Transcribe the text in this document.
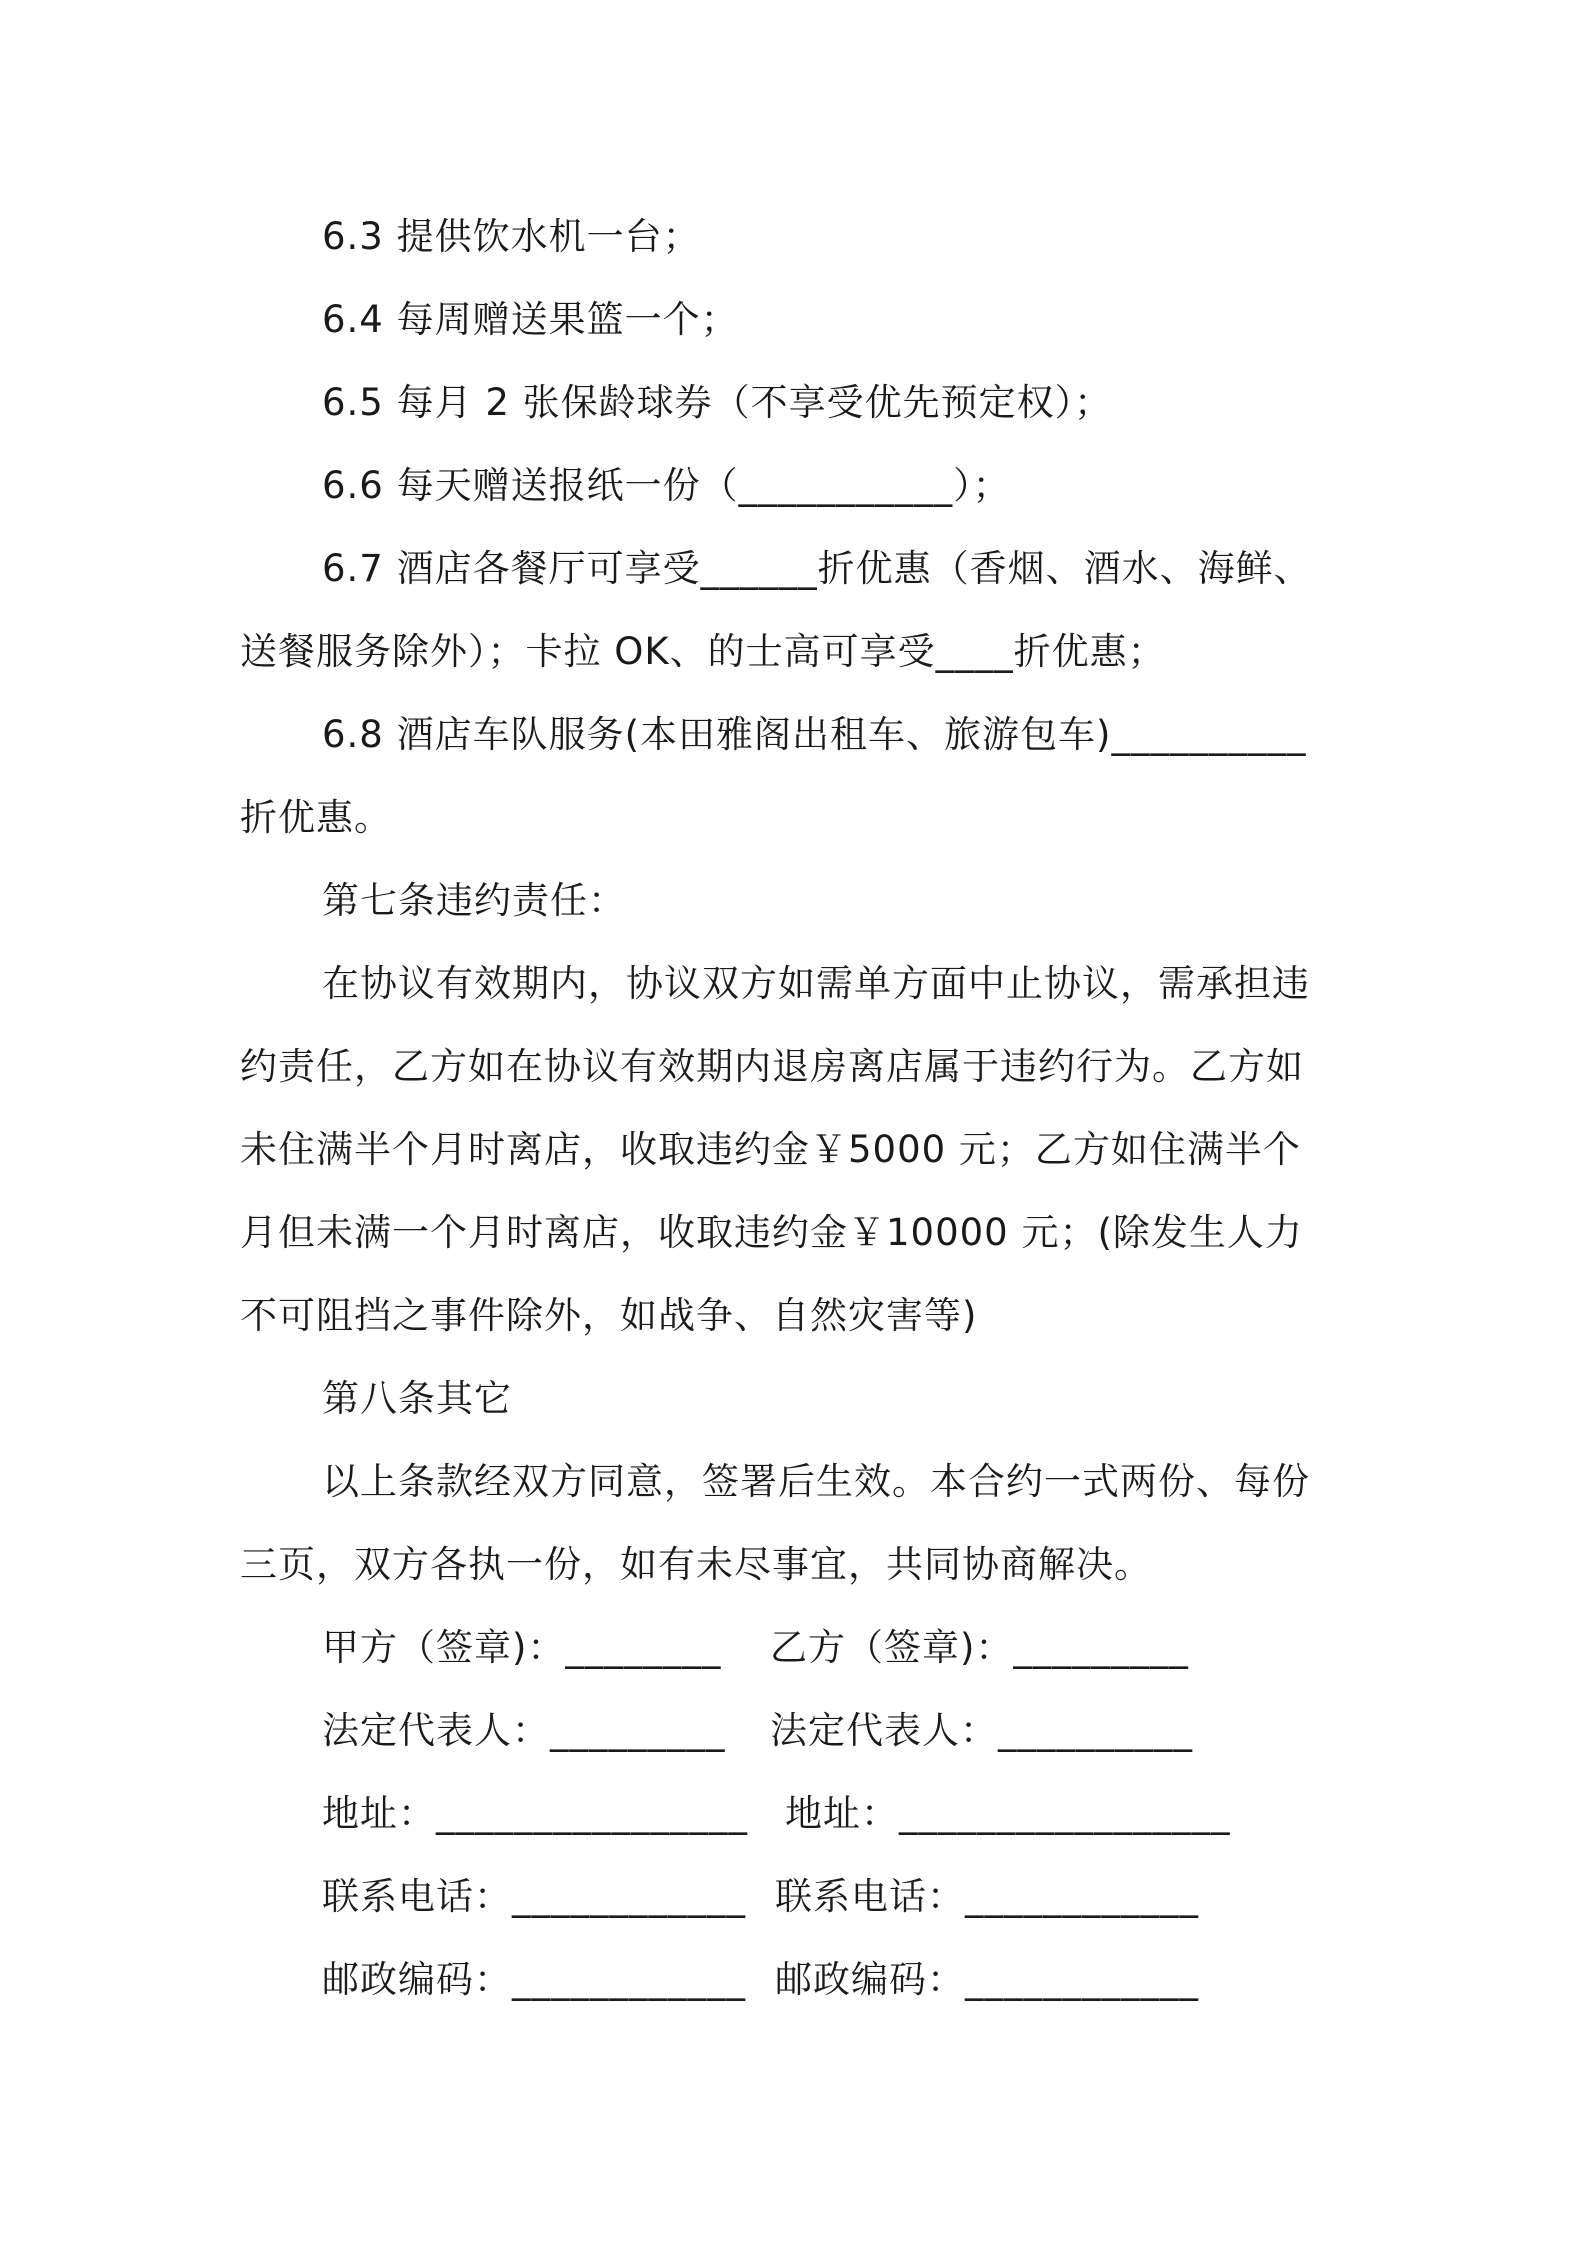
6.3 提供饮水机一台；
6.4 每周赠送果篮一个；
6.5 每月 2 张保龄球券（不享受优先预定权）；
6.6 每天赠送报纸一份（___________）；
6.7 酒店各餐厅可享受______折优惠（香烟、酒水、海鲜、
送餐服务除外）；卡拉 OK、的士高可享受____折优惠；
6.8 酒店车队服务(本田雅阁出租车、旅游包车)__________
折优惠。
第七条违约责任：
在协议有效期内，协议双方如需单方面中止协议，需承担违
约责任，乙方如在协议有效期内退房离店属于违约行为。乙方如
未住满半个月时离店，收取违约金￥5000 元；乙方如住满半个
月但未满一个月时离店，收取违约金￥10000 元；(除发生人力
不可阻挡之事件除外，如战争、自然灾害等)
第八条其它
以上条款经双方同意，签署后生效。本合约一式两份、每份
三页，双方各执一份，如有未尽事宜，共同协商解决。
甲方（签章)：________ 乙方（签章)：_________
法定代表人：_________ 法定代表人：__________
地址：________________ 地址：_________________
联系电话：____________ 联系电话：____________
邮政编码：____________ 邮政编码：____________
